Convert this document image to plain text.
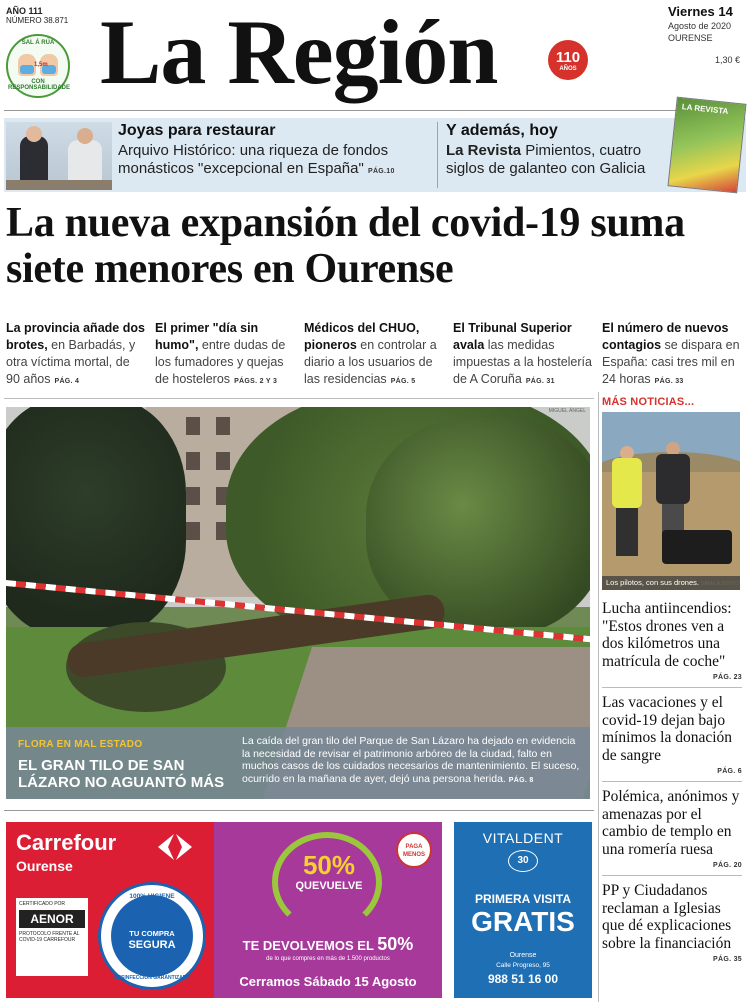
AÑO 111
NÚMERO 38.871
SAL Á RÚA
1,5m
CON RESPONSABILIDADE La Región	110
AÑOS
Viernes 14
Agosto de 2020
OURENSE
1,30 €
Joyas para restaurar
Arquivo Histórico: una riqueza de fondos monásticos "excepcional en España" PÁG.10
Y además, hoy
La Revista Pimientos, cuatro siglos de galanteo con Galicia
LA REVISTA
La nueva expansión del covid-19 suma siete menores en Ourense
La provincia añade dos brotes, en Barbadás, y otra víctima mortal, de 90 años PÁG. 4
El primer "día sin humo", entre dudas de los fumadores y quejas de hosteleros PÁGS. 2 Y 3
Médicos del CHUO, pioneros en controlar a diario a los usuarios de las residencias PÁG. 5
El Tribunal Superior avala las medidas impuestas a la hostelería de A Coruña PÁG. 31
El número de nuevos contagios se dispara en España: casi tres mil en 24 horas PÁG. 33
MIGUEL ÁNGEL
FLORA EN MAL ESTADO
EL GRAN TILO DE SAN LÁZARO NO AGUANTÓ MÁS
La caída del gran tilo del Parque de San Lázaro ha dejado en evidencia la necesidad de revisar el patrimonio arbóreo de la ciudad, falto en muchos casos de los cuidados necesarios de mantenimiento. El suceso, ocurrido en la mañana de ayer, dejó una persona herida. PÁG. 8
MÁS NOTICIAS...
Los pilotos, con sus drones. SABELA SOUTO
Lucha antiincendios: "Estos drones ven a dos kilómetros una matrícula de coche"
PÁG. 23
Las vacaciones y el covid-19 dejan bajo mínimos la donación de sangre
PÁG. 6
Polémica, anónimos y amenazas por el cambio de templo en una romería ruesa
PÁG. 20
PP y Ciudadanos reclaman a Iglesias que dé explicaciones sobre la financiación
PÁG. 35
Carrefour
Ourense
CERTIFICADO POR
AENOR
PROTOCOLO FRENTE AL COVID-19 CARREFOUR
100% HIGIENE
TU COMPRA
SEGURA
DESINFECCIÓN GARANTIZADA
50%
QUEVUELVE
PAGA MENOS
TE DEVOLVEMOS EL 50%
de lo que compres en más de 1.500 productos
Cerramos Sábado 15 Agosto
VITALDENT
30
PRIMERA VISITA
GRATIS
Ourense
Calle Progreso, 95
988 51 16 00
